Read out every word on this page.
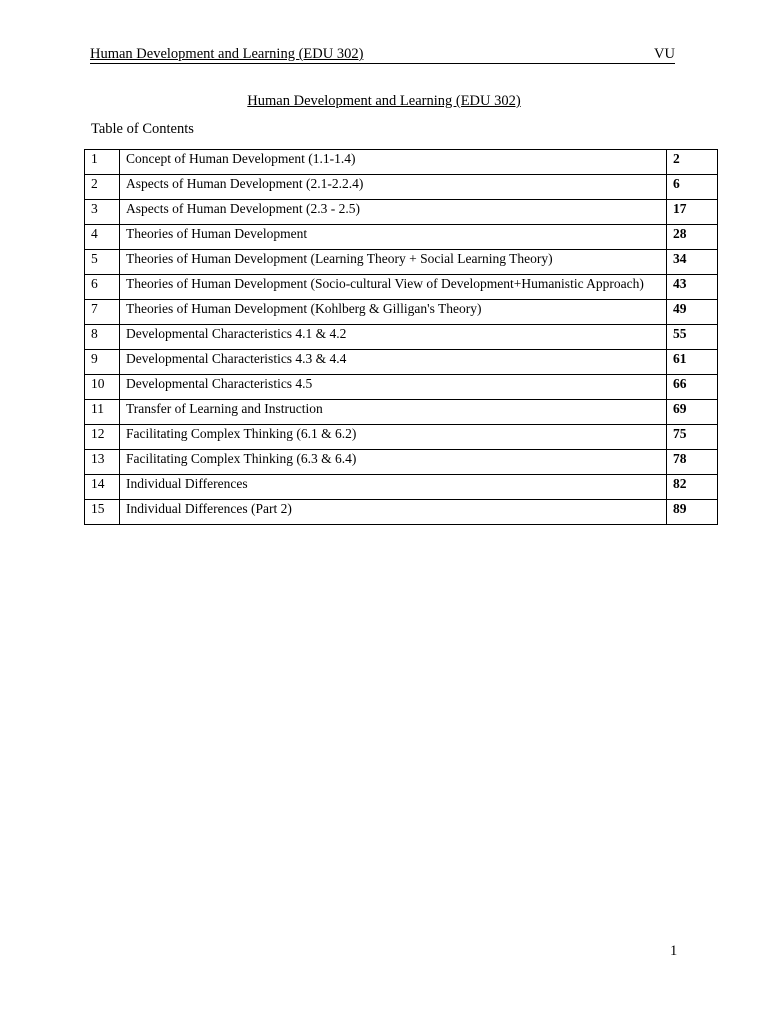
Human Development and Learning (EDU 302)	VU
Human Development and Learning (EDU 302)
Table of Contents
1	Concept of Human Development (1.1-1.4)	2
2	Aspects of Human Development (2.1-2.2.4)	6
3	Aspects of Human Development (2.3 - 2.5)	17
4	Theories of Human Development	28
5	Theories of Human Development (Learning Theory + Social Learning Theory)	34
6	Theories of Human Development (Socio-cultural View of Development+Humanistic Approach)	43
7	Theories of Human Development (Kohlberg & Gilligan's Theory)	49
8	Developmental Characteristics 4.1 & 4.2	55
9	Developmental Characteristics 4.3 & 4.4	61
10	Developmental Characteristics 4.5	66
11	Transfer of Learning and Instruction	69
12	Facilitating Complex Thinking (6.1 & 6.2)	75
13	Facilitating Complex Thinking (6.3 & 6.4)	78
14	Individual Differences	82
15	Individual Differences (Part 2)	89
1
